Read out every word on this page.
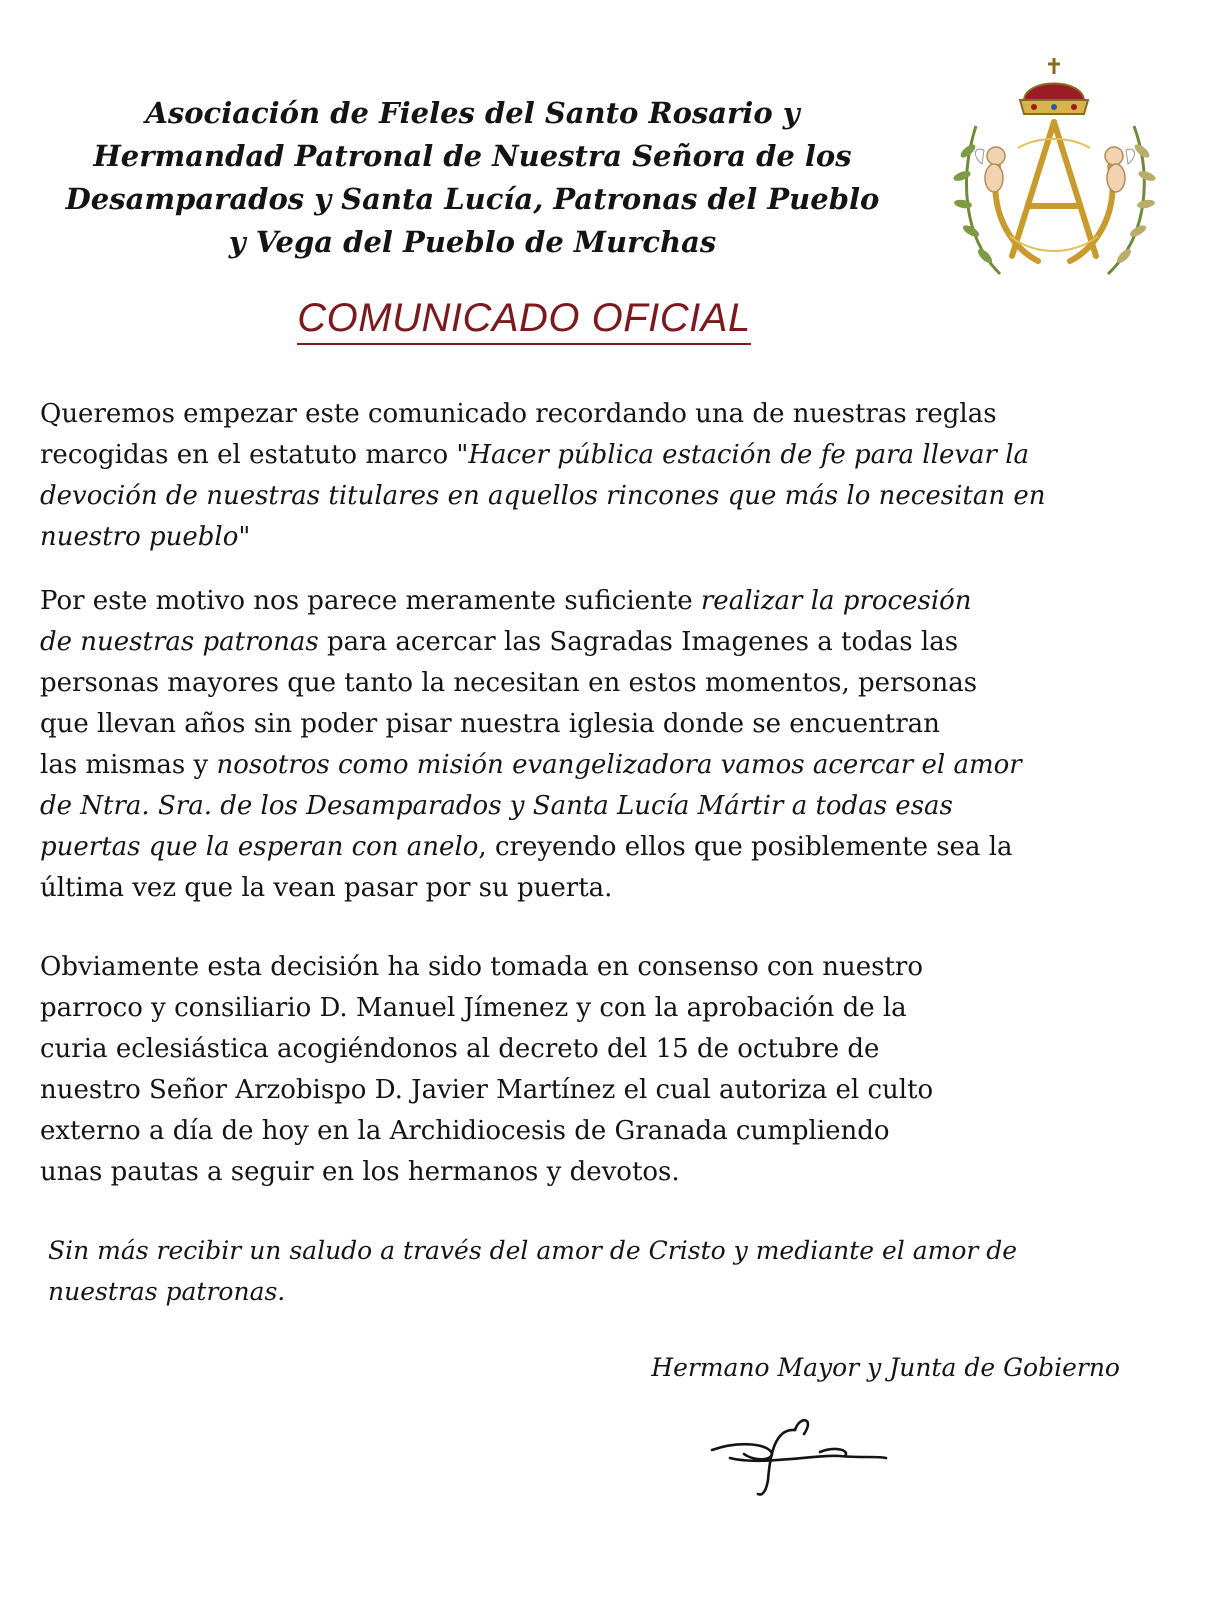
Asociación de Fieles del Santo Rosario y
Hermandad Patronal de Nuestra Señora de los
Desamparados y Santa Lucía, Patronas del Pueblo
y Vega del Pueblo de Murchas
COMUNICADO OFICIAL

Queremos empezar este comunicado recordando una de nuestras reglas
recogidas en el estatuto marco "Hacer pública estación de fe para llevar la
devoción de nuestras titulares en aquellos rincones que más lo necesitan en
nuestro pueblo"

Por este motivo nos parece meramente suficiente realizar la procesión
de nuestras patronas para acercar las Sagradas Imagenes a todas las
personas mayores que tanto la necesitan en estos momentos, personas
que llevan años sin poder pisar nuestra iglesia donde se encuentran
las mismas y nosotros como misión evangelizadora vamos acercar el amor
de Ntra. Sra. de los Desamparados y Santa Lucía Mártir a todas esas
puertas que la esperan con anelo, creyendo ellos que posiblemente sea la
última vez que la vean pasar por su puerta.

Obviamente esta decisión ha sido tomada en consenso con nuestro
parroco y consiliario D. Manuel Jímenez y con la aprobación de la
curia eclesiástica acogiéndonos al decreto del 15 de octubre de
nuestro Señor Arzobispo D. Javier Martínez el cual autoriza el culto
externo a día de hoy en la Archidiocesis de Granada cumpliendo
unas pautas a seguir en los hermanos y devotos.

Sin más recibir un saludo a través del amor de Cristo y mediante el amor de
nuestras patronas.

Hermano Mayor y Junta de Gobierno
